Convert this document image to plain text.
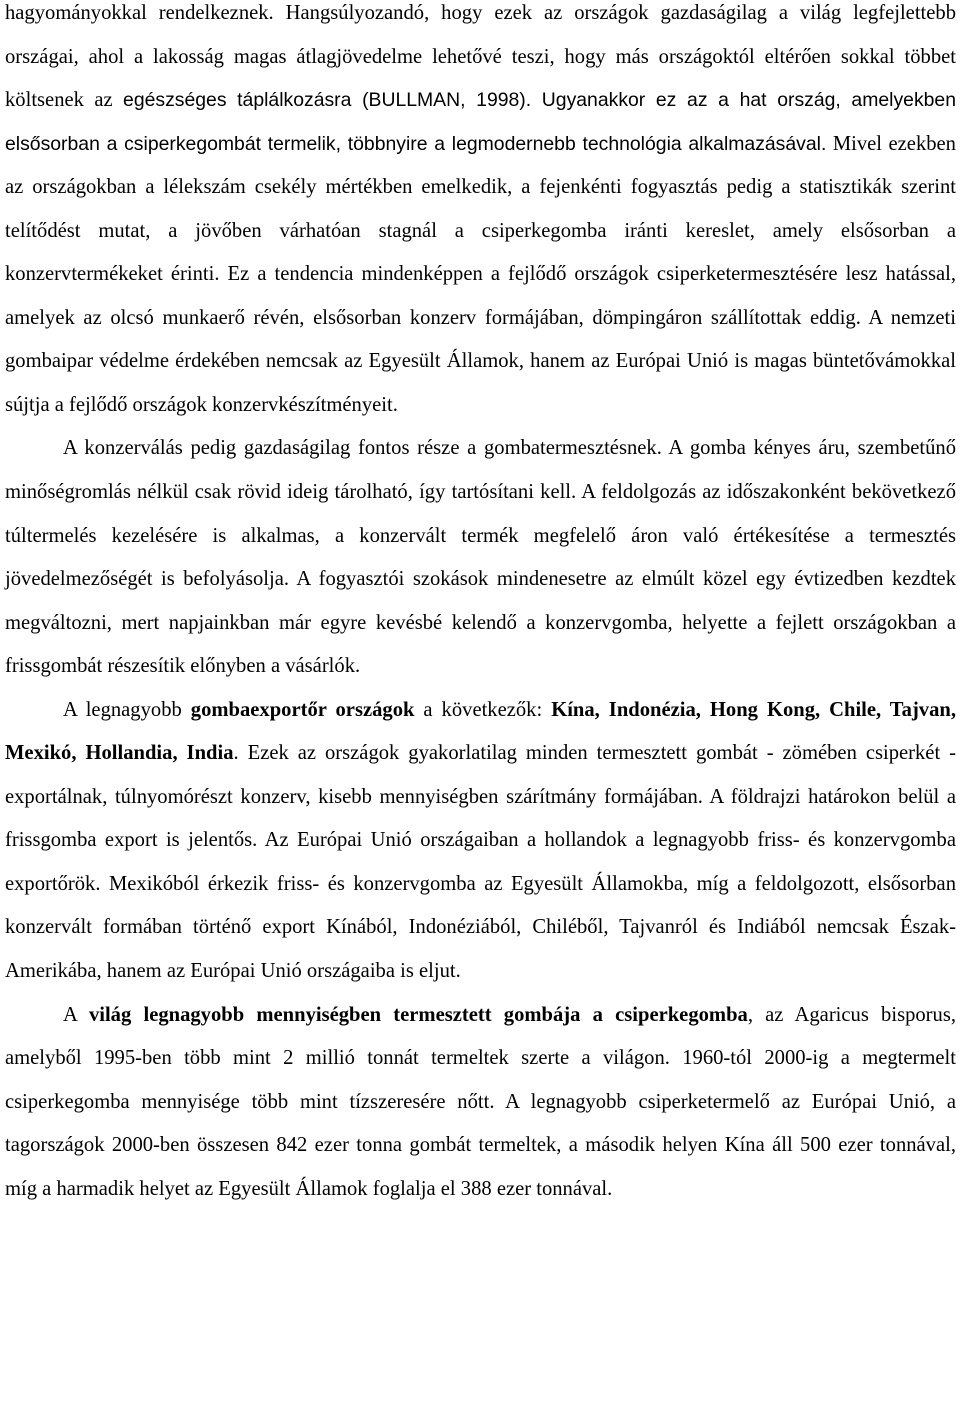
hagyományokkal rendelkeznek. Hangsúlyozandó, hogy ezek az országok gazdaságilag a világ legfejlettebb országai, ahol a lakosság magas átlagjövedelme lehetővé teszi, hogy más országoktól eltérően sokkal többet költsenek az egészséges táplálkozásra (BULLMAN, 1998). Ugyanakkor ez az a hat ország, amelyekben elsősorban a csiperkegombát termelik, többnyire a legmodernebb technológia alkalmazásával. Mivel ezekben az országokban a lélekszám csekély mértékben emelkedik, a fejenkénti fogyasztás pedig a statisztikák szerint telítődést mutat, a jövőben várhatóan stagnál a csiperkegomba iránti kereslet, amely elsősorban a konzervtermékeket érinti. Ez a tendencia mindenképpen a fejlődő országok csiperketermesztésére lesz hatással, amelyek az olcsó munkaerő révén, elsősorban konzerv formájában, dömpingáron szállítottak eddig. A nemzeti gombaipar védelme érdekében nemcsak az Egyesült Államok, hanem az Európai Unió is magas büntetővámokkal sújtja a fejlődő országok konzervkészítményeit.

A konzerválás pedig gazdaságilag fontos része a gombatermesztésnek. A gomba kényes áru, szembetűnő minőségromlás nélkül csak rövid ideig tárolható, így tartósítani kell. A feldolgozás az időszakonként bekövetkező túltermelés kezelésére is alkalmas, a konzervált termék megfelelő áron való értékesítése a termesztés jövedelmezőségét is befolyásolja. A fogyasztói szokások mindenesetre az elmúlt közel egy évtizedben kezdtek megváltozni, mert napjainkban már egyre kevésbé kelendő a konzervgomba, helyette a fejlett országokban a frissgombát részesítik előnyben a vásárlók.

A legnagyobb gombaexportőr országok a következők: Kína, Indonézia, Hong Kong, Chile, Tajvan, Mexikó, Hollandia, India. Ezek az országok gyakorlatilag minden termesztett gombát - zömében csiperkét - exportálnak, túlnyomórészt konzerv, kisebb mennyiségben szárítmány formájában. A földrajzi határokon belül a frissgomba export is jelentős. Az Európai Unió országaiban a hollandok a legnagyobb friss- és konzervgomba exportőrök. Mexikóból érkezik friss- és konzervgomba az Egyesült Államokba, míg a feldolgozott, elsősorban konzervált formában történő export Kínából, Indonéziából, Chiléből, Tajvanról és Indiából nemcsak Észak-Amerikába, hanem az Európai Unió országaiba is eljut.

A világ legnagyobb mennyiségben termesztett gombája a csiperkegomba, az Agaricus bisporus, amelyből 1995-ben több mint 2 millió tonnát termeltek szerte a világon. 1960-tól 2000-ig a megtermelt csiperkegomba mennyisége több mint tízszeresére nőtt. A legnagyobb csiperketermelő az Európai Unió, a tagországok 2000-ben összesen 842 ezer tonna gombát termeltek, a második helyen Kína áll 500 ezer tonnával, míg a harmadik helyet az Egyesült Államok foglalja el 388 ezer tonnával.
